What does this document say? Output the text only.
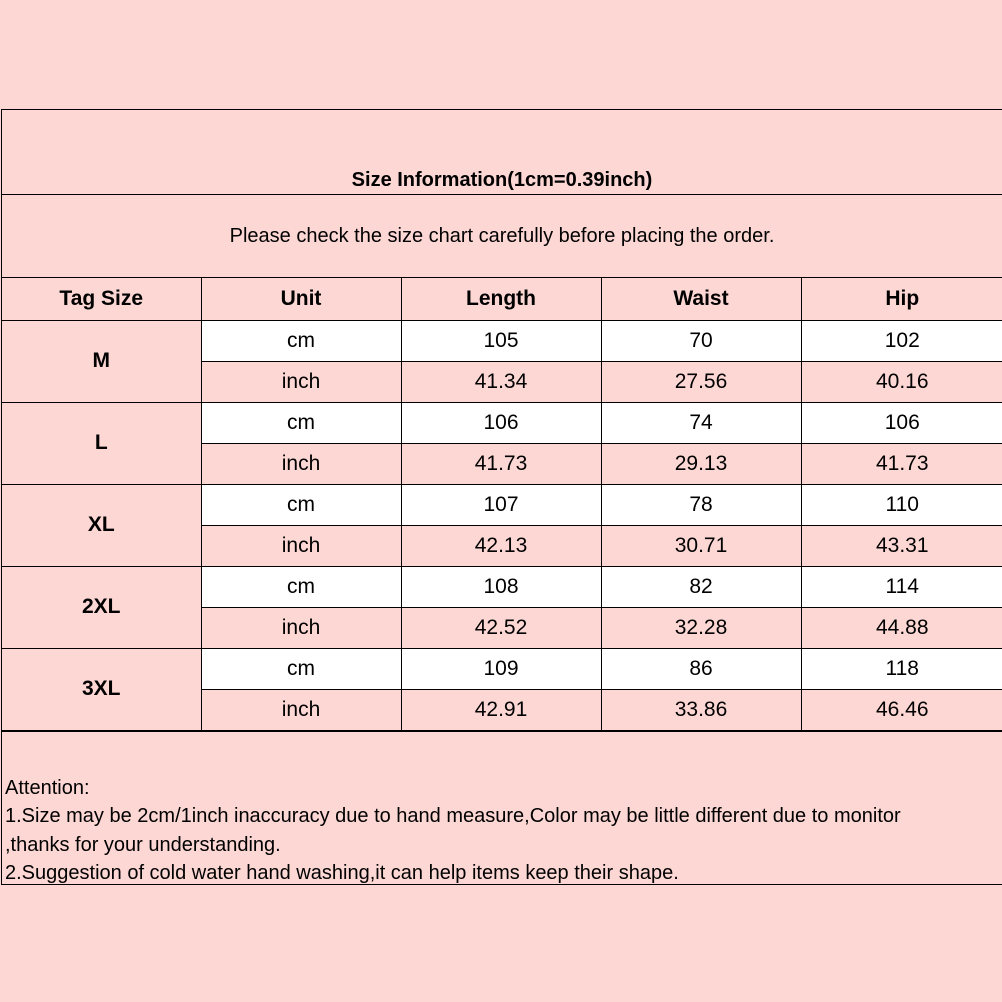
Size Information(1cm=0.39inch)
Please check the size chart carefully before placing the order.
Tag Size	Unit	Length	Waist	Hip
M	cm	105	70	102
	inch	41.34	27.56	40.16
L	cm	106	74	106
	inch	41.73	29.13	41.73
XL	cm	107	78	110
	inch	42.13	30.71	43.31
2XL	cm	108	82	114
	inch	42.52	32.28	44.88
3XL	cm	109	86	118
	inch	42.91	33.86	46.46
Attention:
1.Size may be 2cm/1inch inaccuracy due to hand measure,Color may be little different due to monitor
,thanks for your understanding.
2.Suggestion of cold water hand washing,it can help items keep their shape.
